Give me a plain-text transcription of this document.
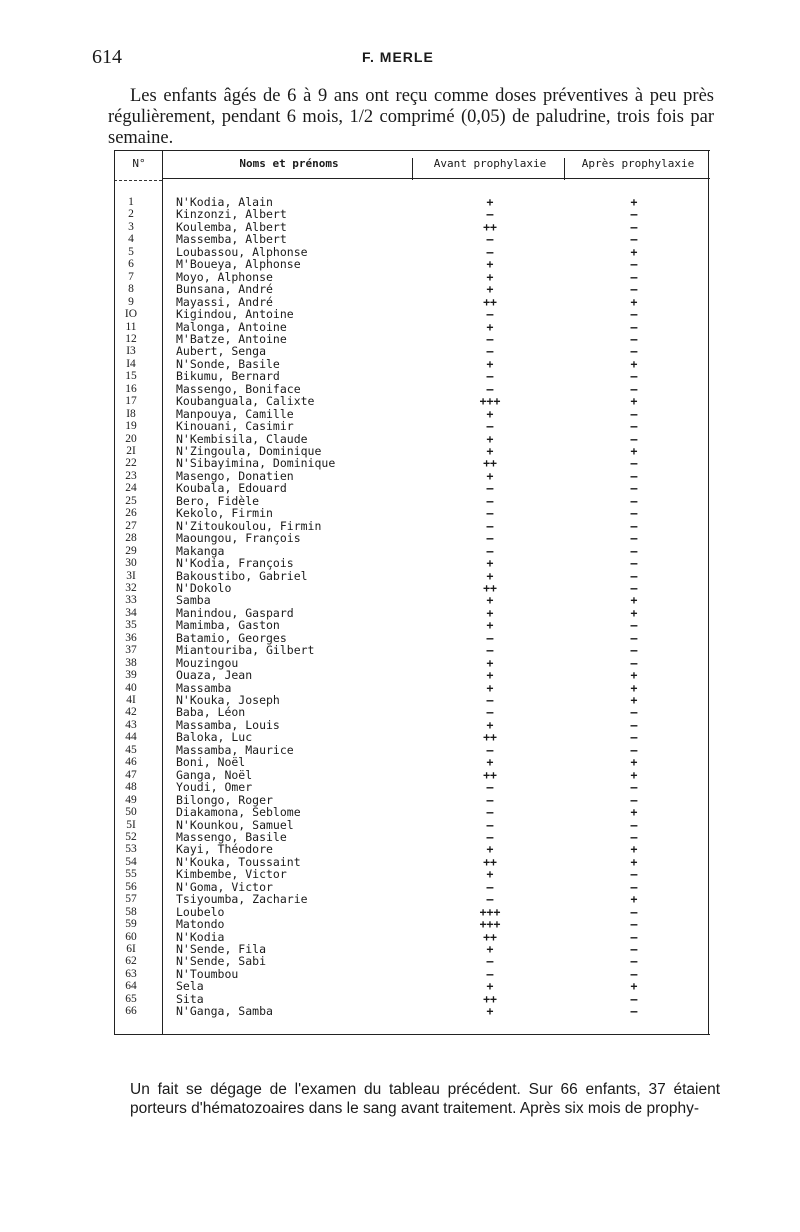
614	F. MERLE

Les enfants âgés de 6 à 9 ans ont reçu comme doses préventives à peu près régulièrement, pendant 6 mois, 1/2 comprimé (0,05) de paludrine, trois fois par semaine.

N°	Noms et prénoms	Avant prophylaxie	Après prophylaxie
1	N'Kodia, Alain	+	+
2	Kinzonzi, Albert	–	–
3	Koulemba, Albert	++	–
4	Massemba, Albert	–	–
5	Loubassou, Alphonse	–	+
6	M'Boueya, Alphonse	+	–
7	Moyo, Alphonse	+	–
8	Bunsana, André	+	–
9	Mayassi, André	++	+
IO	Kigindou, Antoine	–	–
11	Malonga, Antoine	+	–
12	M'Batze, Antoine	–	–
I3	Aubert, Senga	–	–
I4	N'Sonde, Basile	+	+
15	Bikumu, Bernard	–	–
16	Massengo, Boniface	–	–
17	Koubanguala, Calixte	+++	+
I8	Manpouya, Camille	+	–
19	Kinouani, Casimir	–	–
20	N'Kembisila, Claude	+	–
2I	N'Zingoula, Dominique	+	+
22	N'Sibayimina, Dominique	++	–
23	Masengo, Donatien	+	–
24	Koubala, Edouard	–	–
25	Bero, Fidèle	–	–
26	Kekolo, Firmin	–	–
27	N'Zitoukoulou, Firmin	–	–
28	Maoungou, François	–	–
29	Makanga	–	–
30	N'Kodia, François	+	–
3I	Bakoustibo, Gabriel	+	–
32	N'Dokolo	++	–
33	Samba	+	+
34	Manindou, Gaspard	+	+
35	Mamimba, Gaston	+	–
36	Batamio, Georges	–	–
37	Miantouriba, Gilbert	–	–
38	Mouzingou	+	–
39	Ouaza, Jean	+	+
40	Massamba	+	+
4I	N'Kouka, Joseph	–	+
42	Baba, Léon	–	–
43	Massamba, Louis	+	–
44	Baloka, Luc	++	–
45	Massamba, Maurice	–	–
46	Boni, Noël	+	+
47	Ganga, Noël	++	+
48	Youdi, Omer	–	–
49	Bilongo, Roger	–	–
50	Diakamona, Seblome	–	+
5I	N'Kounkou, Samuel	–	–
52	Massengo, Basile	–	–
53	Kayi, Théodore	+	+
54	N'Kouka, Toussaint	++	+
55	Kimbembe, Victor	+	–
56	N'Goma, Victor	–	–
57	Tsiyoumba, Zacharie	–	+
58	Loubelo	+++	–
59	Matondo	+++	–
60	N'Kodia	++	–
6I	N'Sende, Fila	+	–
62	N'Sende, Sabi	–	–
63	N'Toumbou	–	–
64	Sela	+	+
65	Sita	++	–
66	N'Ganga, Samba	+	–

Un fait se dégage de l'examen du tableau précédent. Sur 66 enfants, 37 étaient porteurs d'hématozoaires dans le sang avant traitement. Après six mois de prophy-
